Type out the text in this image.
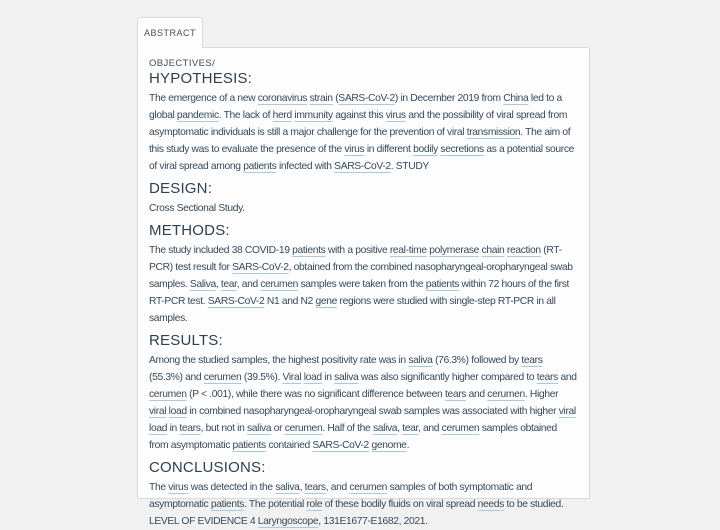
ABSTRACT
OBJECTIVES/
HYPOTHESIS:

The emergence of a new coronavirus strain (SARS-CoV-2) in December 2019 from China led to a global pandemic. The lack of herd immunity against this virus and the possibility of viral spread from asymptomatic individuals is still a major challenge for the prevention of viral transmission. The aim of this study was to evaluate the presence of the virus in different bodily secretions as a potential source of viral spread among patients infected with SARS-CoV-2. STUDY

DESIGN:

Cross Sectional Study.

METHODS:

The study included 38 COVID-19 patients with a positive real-time polymerase chain reaction (RT-PCR) test result for SARS-CoV-2, obtained from the combined nasopharyngeal-oropharyngeal swab samples. Saliva, tear, and cerumen samples were taken from the patients within 72 hours of the first RT-PCR test. SARS-CoV-2 N1 and N2 gene regions were studied with single-step RT-PCR in all samples.

RESULTS:

Among the studied samples, the highest positivity rate was in saliva (76.3%) followed by tears (55.3%) and cerumen (39.5%). Viral load in saliva was also significantly higher compared to tears and cerumen (P < .001), while there was no significant difference between tears and cerumen. Higher viral load in combined nasopharyngeal-oropharyngeal swab samples was associated with higher viral load in tears, but not in saliva or cerumen. Half of the saliva, tear, and cerumen samples obtained from asymptomatic patients contained SARS-CoV-2 genome.

CONCLUSIONS:

The virus was detected in the saliva, tears, and cerumen samples of both symptomatic and asymptomatic patients. The potential role of these bodily fluids on viral spread needs to be studied. LEVEL OF EVIDENCE 4 Laryngoscope, 131E1677-E1682, 2021.
